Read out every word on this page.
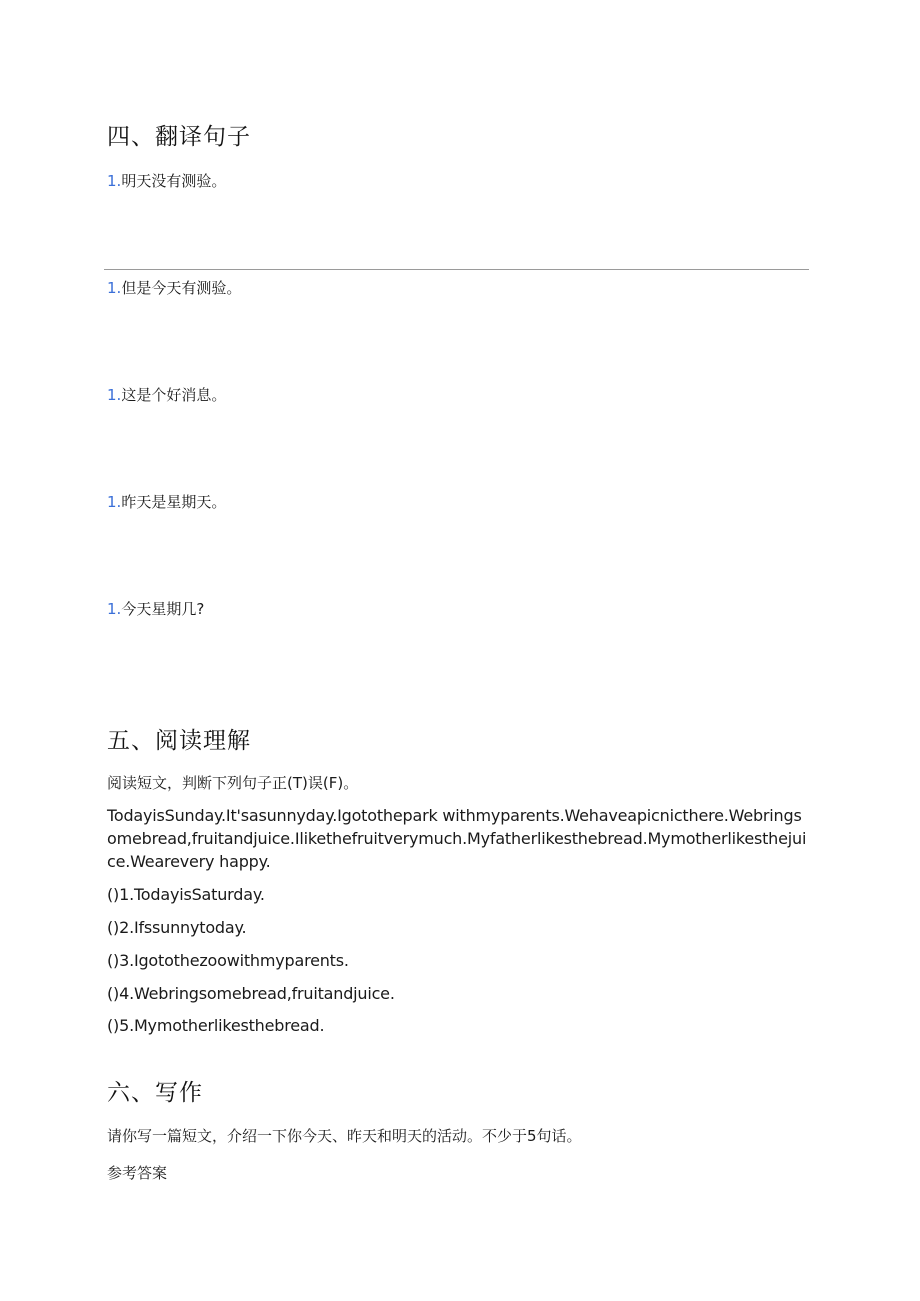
四、翻译句子
1.明天没有测验。
1.但是今天有测验。
1.这是个好消息。
1.昨天是星期天。
1.今天星期几?
五、阅读理解
阅读短文，判断下列句子正(T)误(F)。
TodayisSunday.It'sasunnyday.Igotothepark withmyparents.Wehaveapicnicthere.Webringsomebread,fruitandjuice.Ilikethefruitverymuch.Myfatherlikesthebread.Mymotherlikesthejuice.Wearevery happy.
()1.TodayisSaturday.
()2.Ifssunnytoday.
()3.Igotothezoowithmyparents.
()4.Webringsomebread,fruitandjuice.
()5.Mymotherlikesthebread.
六、写作
请你写一篇短文，介绍一下你今天、昨天和明天的活动。不少于5句话。
参考答案
